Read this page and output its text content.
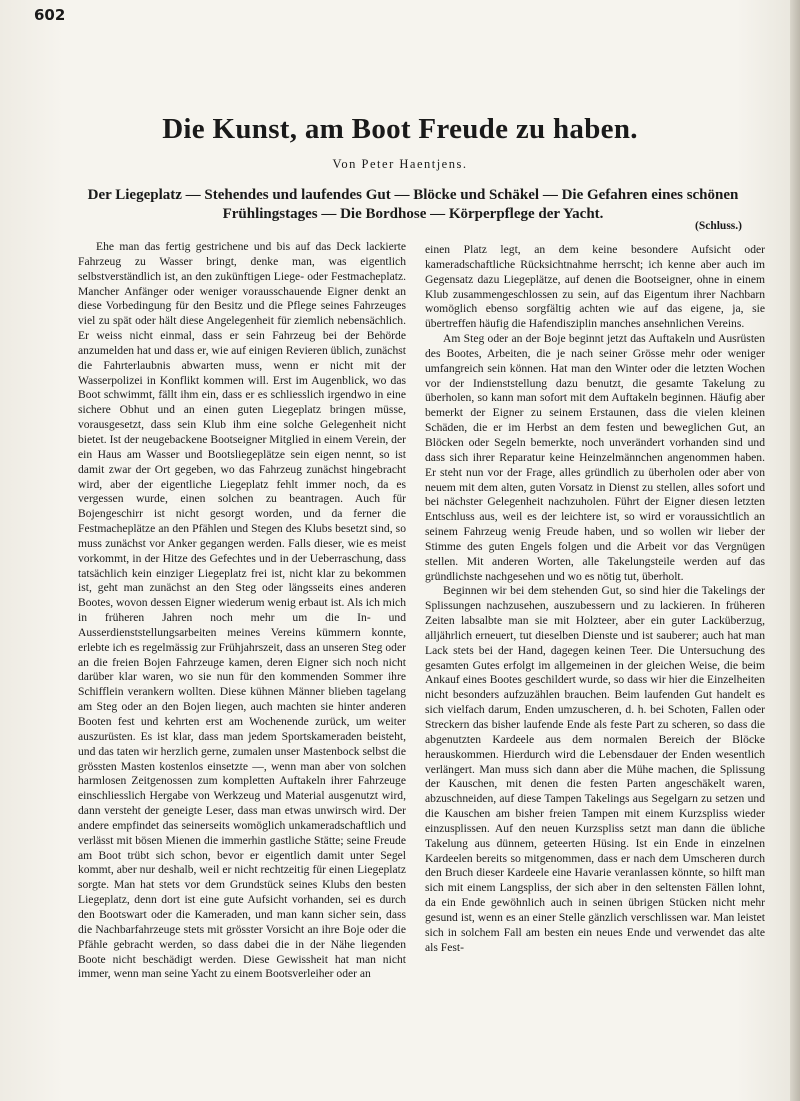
602
Die Kunst, am Boot Freude zu haben.
Von Peter Haentjens.
Der Liegeplatz — Stehendes und laufendes Gut — Blöcke und Schäkel — Die Gefahren eines schönen Frühlingstages — Die Bordhose — Körperpflege der Yacht.
(Schluss.)

Ehe man das fertig gestrichene und bis auf das Deck lackierte Fahrzeug zu Wasser bringt, denke man, was eigentlich selbstverständlich ist, an den zukünftigen Liege- oder Festmacheplatz. Mancher Anfänger oder weniger vorausschauende Eigner denkt an diese Vorbedingung für den Besitz und die Pflege seines Fahrzeuges viel zu spät oder hält diese Angelegenheit für ziemlich nebensächlich. Er weiss nicht einmal, dass er sein Fahrzeug bei der Behörde anzumelden hat und dass er, wie auf einigen Revieren üblich, zunächst die Fahrterlaubnis abwarten muss, wenn er nicht mit der Wasserpolizei in Konflikt kommen will. Erst im Augenblick, wo das Boot schwimmt, fällt ihm ein, dass er es schliesslich irgendwo in eine sichere Obhut und an einen guten Liegeplatz bringen müsse, vorausgesetzt, dass sein Klub ihm eine solche Gelegenheit nicht bietet. Ist der neugebackene Bootseigner Mitglied in einem Verein, der ein Haus am Wasser und Bootsliegeplätze sein eigen nennt, so ist damit zwar der Ort gegeben, wo das Fahrzeug zunächst hingebracht wird, aber der eigentliche Liegeplatz fehlt immer noch, da es vergessen wurde, einen solchen zu beantragen. Auch für Bojengeschirr ist nicht gesorgt worden, und da ferner die Festmacheplätze an den Pfählen und Stegen des Klubs besetzt sind, so muss zunächst vor Anker gegangen werden. Falls dieser, wie es meist vorkommt, in der Hitze des Gefechtes und in der Ueberraschung, dass tatsächlich kein einziger Liegeplatz frei ist, nicht klar zu bekommen ist, geht man zunächst an den Steg oder längsseits eines anderen Bootes, wovon dessen Eigner wiederum wenig erbaut ist. Als ich mich in früheren Jahren noch mehr um die In- und Ausserdienststellungsarbeiten meines Vereins kümmern konnte, erlebte ich es regelmässig zur Frühjahrszeit, dass an unseren Steg oder an die freien Bojen Fahrzeuge kamen, deren Eigner sich noch nicht darüber klar waren, wo sie nun für den kommenden Sommer ihre Schifflein verankern wollten. Diese kühnen Männer blieben tagelang am Steg oder an den Bojen liegen, auch machten sie hinter anderen Booten fest und kehrten erst am Wochenende zurück, um weiter auszurüsten. Es ist klar, dass man jedem Sportskameraden beisteht, und das taten wir herzlich gerne, zumalen unser Mastenbock selbst die grössten Masten kostenlos einsetzte —, wenn man aber von solchen harmlosen Zeitgenossen zum kompletten Auftakeln ihrer Fahrzeuge einschliesslich Hergabe von Werkzeug und Material ausgenutzt wird, dann versteht der geneigte Leser, dass man etwas unwirsch wird. Der andere empfindet das seinerseits womöglich unkameradschaftlich und verlässt mit bösen Mienen die immerhin gastliche Stätte; seine Freude am Boot trübt sich schon, bevor er eigentlich damit unter Segel kommt, aber nur deshalb, weil er nicht rechtzeitig für einen Liegeplatz sorgte. Man hat stets vor dem Grundstück seines Klubs den besten Liegeplatz, denn dort ist eine gute Aufsicht vorhanden, sei es durch den Bootswart oder die Kameraden, und man kann sicher sein, dass die Nachbarfahrzeuge stets mit grösster Vorsicht an ihre Boje oder die Pfähle gebracht werden, so dass dabei die in der Nähe liegenden Boote nicht beschädigt werden. Diese Gewissheit hat man nicht immer, wenn man seine Yacht zu einem Bootsverleiher oder an

einen Platz legt, an dem keine besondere Aufsicht oder kameradschaftliche Rücksichtnahme herrscht; ich kenne aber auch im Gegensatz dazu Liegeplätze, auf denen die Bootseigner, ohne in einem Klub zusammengeschlossen zu sein, auf das Eigentum ihrer Nachbarn womöglich ebenso sorgfältig achten wie auf das eigene, ja, sie übertreffen häufig die Hafendisziplin manches ansehnlichen Vereins.

Am Steg oder an der Boje beginnt jetzt das Auftakeln und Ausrüsten des Bootes, Arbeiten, die je nach seiner Grösse mehr oder weniger umfangreich sein können. Hat man den Winter oder die letzten Wochen vor der Indienststellung dazu benutzt, die gesamte Takelung zu überholen, so kann man sofort mit dem Auftakeln beginnen. Häufig aber bemerkt der Eigner zu seinem Erstaunen, dass die vielen kleinen Schäden, die er im Herbst an dem festen und beweglichen Gut, an Blöcken oder Segeln bemerkte, noch unverändert vorhanden sind und dass sich ihrer Reparatur keine Heinzelmännchen angenommen haben. Er steht nun vor der Frage, alles gründlich zu überholen oder aber von neuem mit dem alten, guten Vorsatz in Dienst zu stellen, alles sofort und bei nächster Gelegenheit nachzuholen. Führt der Eigner diesen letzten Entschluss aus, weil es der leichtere ist, so wird er voraussichtlich an seinem Fahrzeug wenig Freude haben, und so wollen wir lieber der Stimme des guten Engels folgen und die Arbeit vor das Vergnügen stellen. Mit anderen Worten, alle Takelungsteile werden auf das gründlichste nachgesehen und wo es nötig tut, überholt.

Beginnen wir bei dem stehenden Gut, so sind hier die Takelings der Splissungen nachzusehen, auszubessern und zu lackieren. In früheren Zeiten labsalbte man sie mit Holzteer, aber ein guter Lacküberzug, alljährlich erneuert, tut dieselben Dienste und ist sauberer; auch hat man Lack stets bei der Hand, dagegen keinen Teer. Die Untersuchung des gesamten Gutes erfolgt im allgemeinen in der gleichen Weise, die beim Ankauf eines Bootes geschildert wurde, so dass wir hier die Einzelheiten nicht besonders aufzuzählen brauchen. Beim laufenden Gut handelt es sich vielfach darum, Enden umzuscheren, d. h. bei Schoten, Fallen oder Streckern das bisher laufende Ende als feste Part zu scheren, so dass die abgenutzten Kardeele aus dem normalen Bereich der Blöcke herauskommen. Hierdurch wird die Lebensdauer der Enden wesentlich verlängert. Man muss sich dann aber die Mühe machen, die Splissung der Kauschen, mit denen die festen Parten angeschäkelt waren, abzuschneiden, auf diese Tampen Takelings aus Segelgarn zu setzen und die Kauschen am bisher freien Tampen mit einem Kurzspliss wieder einzusplissen. Auf den neuen Kurzspliss setzt man dann die übliche Takelung aus dünnem, geteerten Hüsing. Ist ein Ende in einzelnen Kardeelen bereits so mitgenommen, dass er nach dem Umscheren durch den Bruch dieser Kardeele eine Havarie veranlassen könnte, so hilft man sich mit einem Langspliss, der sich aber in den seltensten Fällen lohnt, da ein Ende gewöhnlich auch in seinen übrigen Stücken nicht mehr gesund ist, wenn es an einer Stelle gänzlich verschlissen war. Man leistet sich in solchem Fall am besten ein neues Ende und verwendet das alte als Fest-
